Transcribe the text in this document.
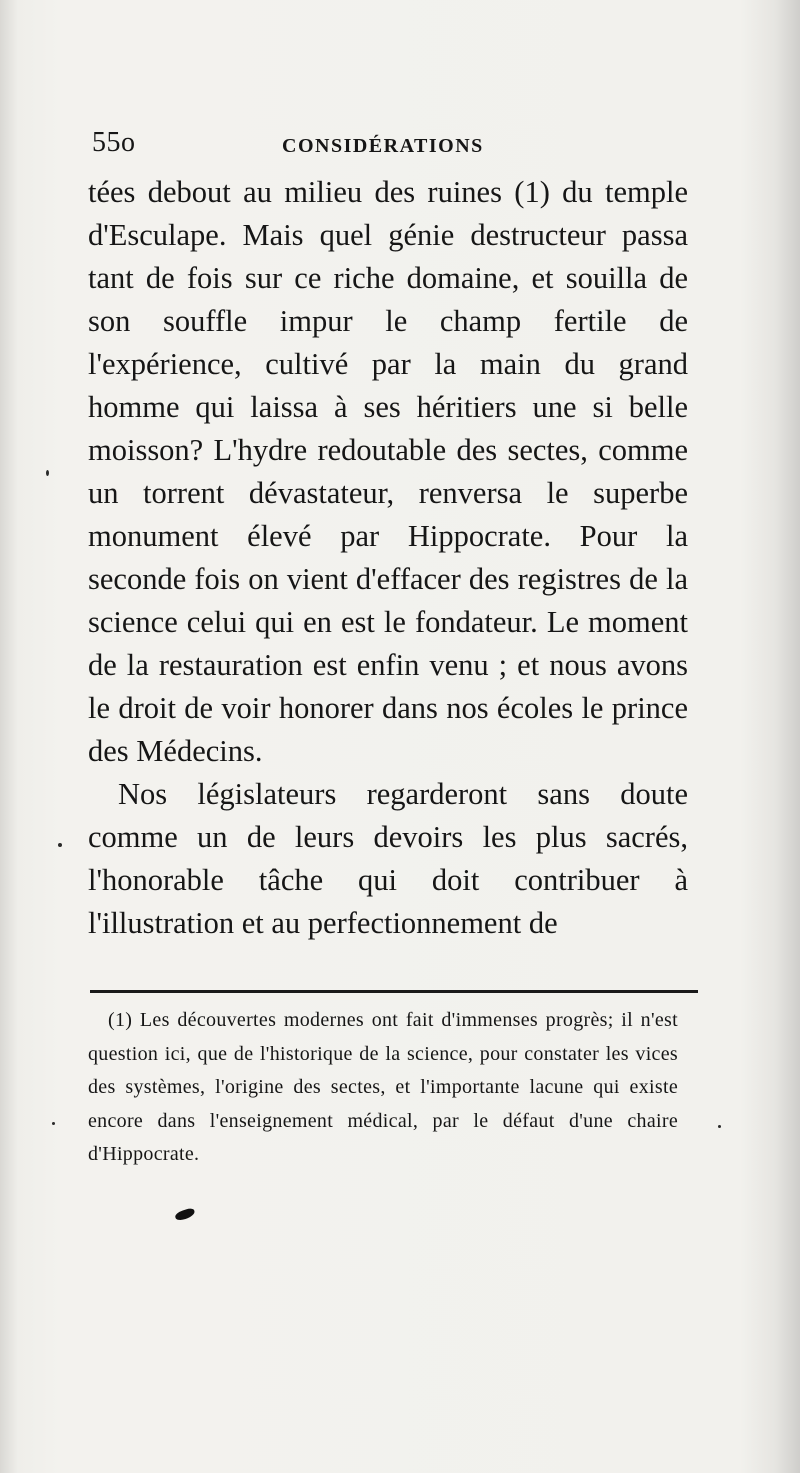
55o	CONSIDÉRATIONS

tées debout au milieu des ruines (1) du temple d'Esculape. Mais quel génie destructeur passa tant de fois sur ce riche domaine, et souilla de son souffle impur le champ fertile de l'expérience, cultivé par la main du grand homme qui laissa à ses héritiers une si belle moisson? L'hydre redoutable des sectes, comme un torrent dévastateur, renversa le superbe monument élevé par Hippocrate. Pour la seconde fois on vient d'effacer des registres de la science celui qui en est le fondateur. Le moment de la restauration est enfin venu ; et nous avons le droit de voir honorer dans nos écoles le prince des Médecins.

Nos législateurs regarderont sans doute comme un de leurs devoirs les plus sacrés, l'honorable tâche qui doit contribuer à l'illustration et au perfectionnement de

(1) Les découvertes modernes ont fait d'immenses progrès; il n'est question ici, que de l'historique de la science, pour constater les vices des systèmes, l'origine des sectes, et l'importante lacune qui existe encore dans l'enseignement médical, par le défaut d'une chaire d'Hippocrate.
